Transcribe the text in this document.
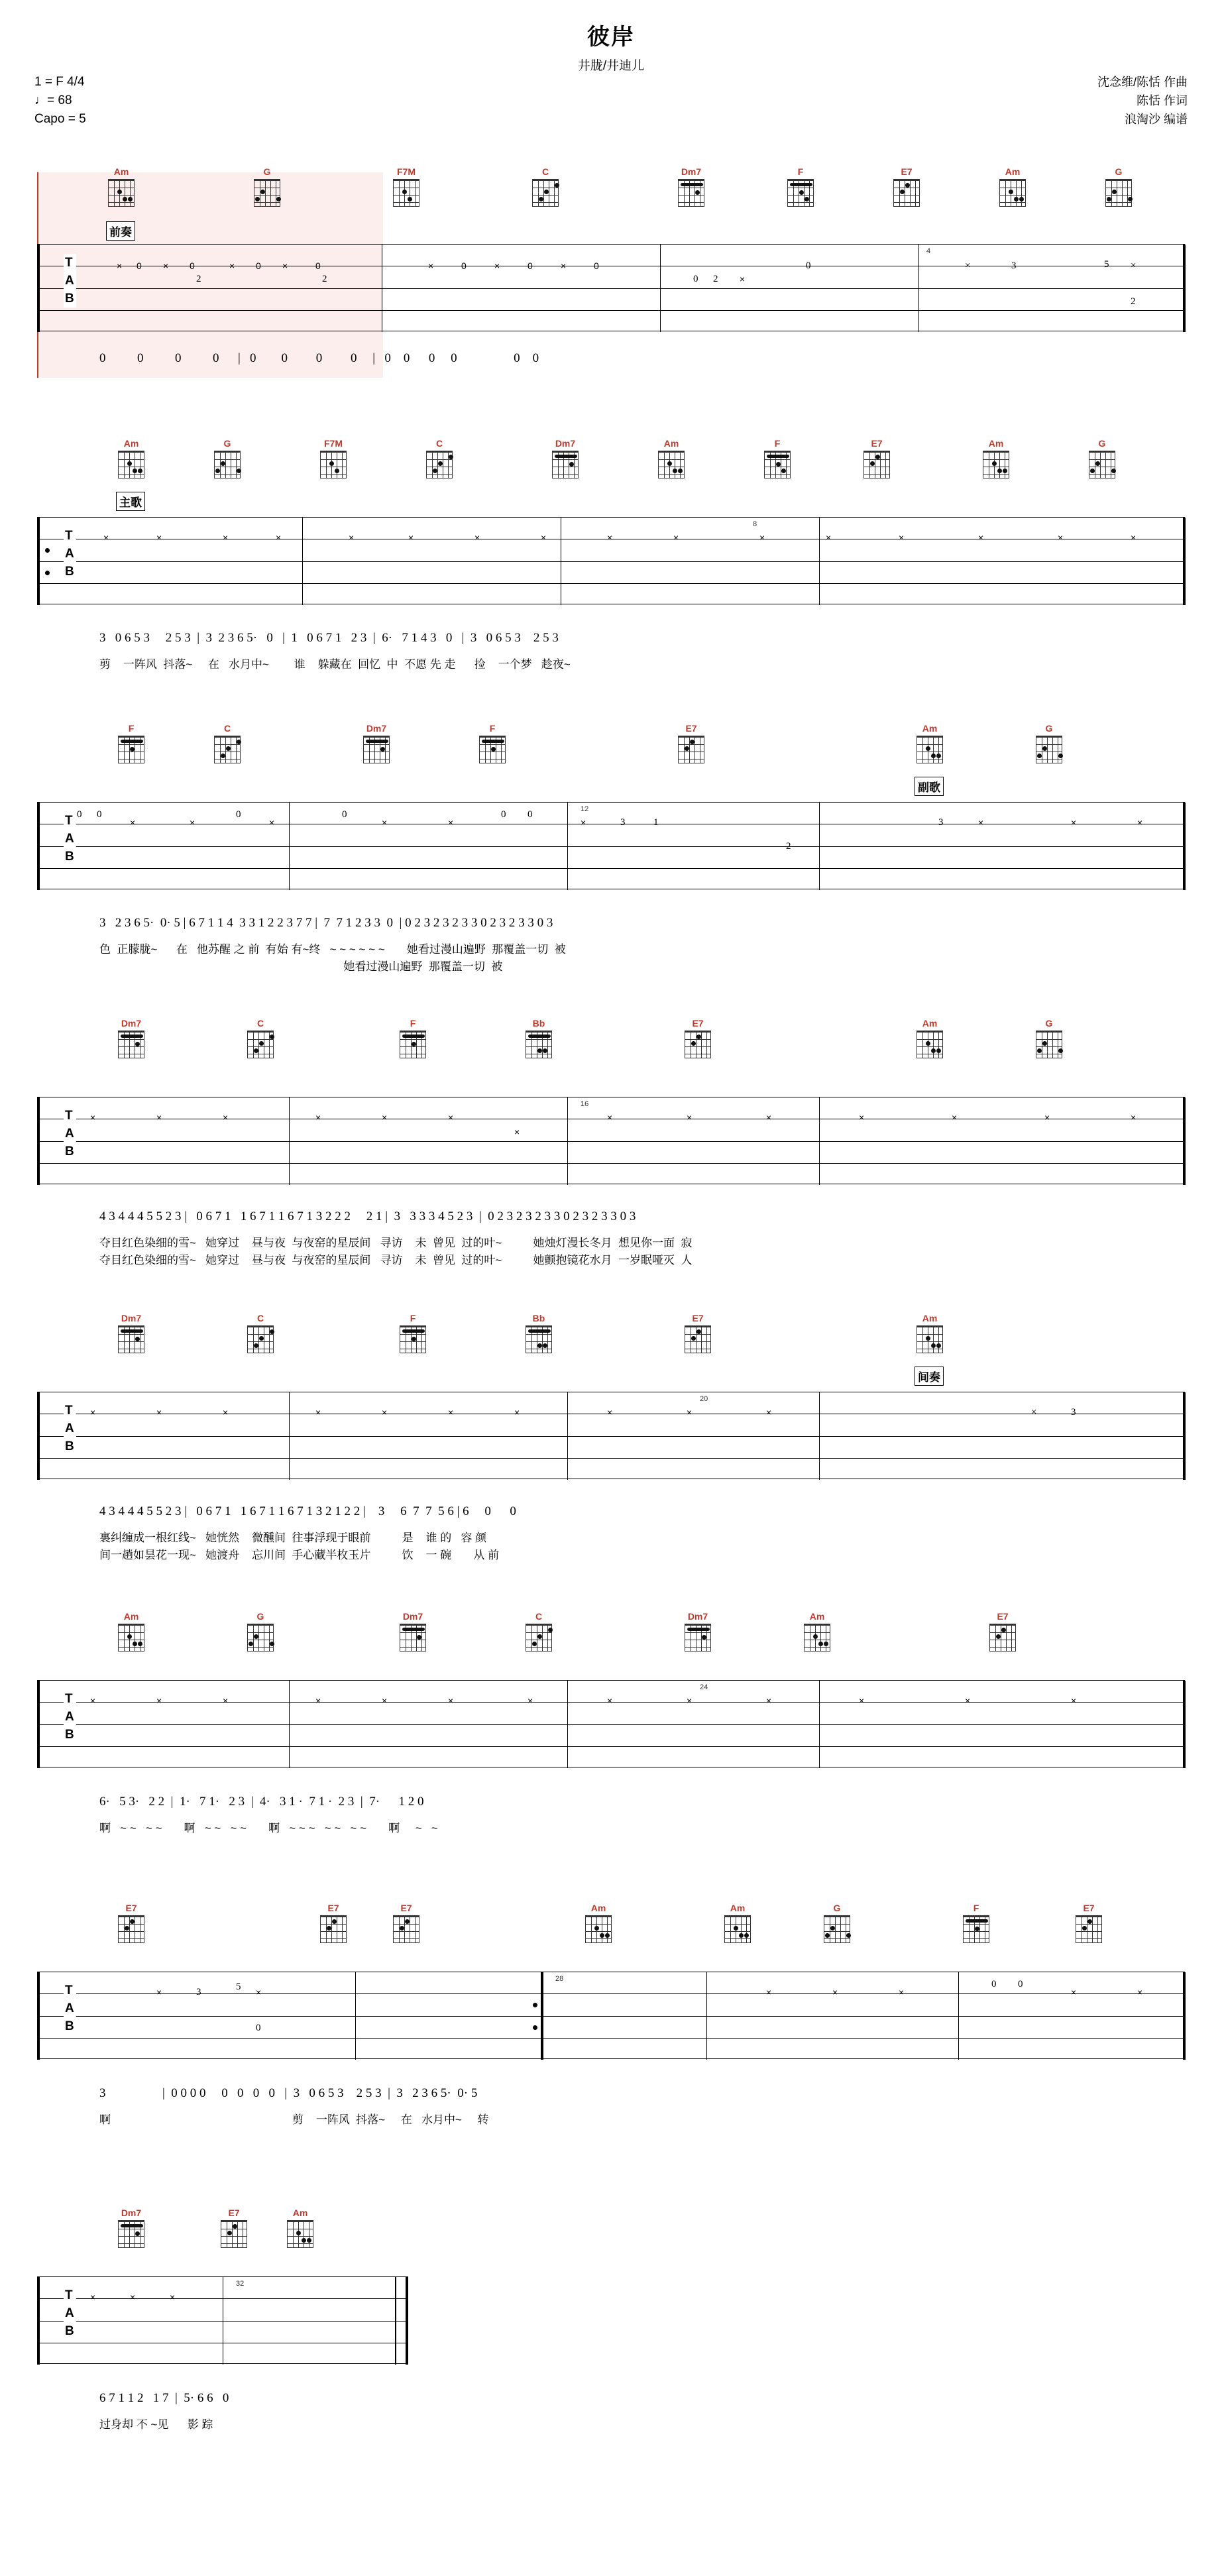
彼岸
井胧/井迪儿
1 = F 4/4
♩= 68
Capo = 5
沈念维/陈恬 作曲
陈恬 作词
浪淘沙 编谱
Am	G	F7M	C	Dm7	F	E7	Am	G
前奏
T
A
B
× 0 × 0	× 0 ×	0
2	2
×	0	×	0	×	0
0 2 ×
0
4
×	3	5 ×
2
0          0          0          0      |   0        0         0         0     |   0    0      0     0                  0    0
Am	G	F7M	C	Dm7	Am	F	E7	Am	G
主歌
T
A
B
8
×	×	×	×	×	×	×	×	×	×	×	×	×	×	×	×
3   0 6 5 3     2 5 3  |  3  2 3 6 5·   0   |  1   0 6 7 1   2 3  |  6·   7 1 4 3   0   |  3   0 6 5 3    2 5 3
剪    一阵风  抖落~     在   水月中~        谁    躲藏在  回忆  中  不愿 先 走      捡    一个梦   趁夜~
F	C	Dm7	F	E7	Am	G
副歌
T
A
B
12
0 0
×	×
0
×
0
×	×
0 0
×	3	1
2
3	×	×	×
3   2 3 6 5·  0· 5 | 6 7 1 1 4  3 3 1 2 2 3 7 7 |  7  7 1 2 3 3  0  | 0 2 3 2 3 2 3 3 0 2 3 2 3 3 0 3
色  正朦胧~      在   他苏醒 之 前  有始 有~终   ~ ~ ~ ~ ~ ~       她看过漫山遍野  那覆盖一切  被
她看过漫山遍野  那覆盖一切  被
Dm7	C	F	Bb	E7	Am	G
T
A
B
16
×	×	×	×	×	×
×
×	×	×	×	×	×	×
4 3 4 4 4 5 5 2 3 |   0 6 7 1   1 6 7 1 1 6 7 1 3 2 2 2     2 1 |  3   3 3 3 4 5 2 3  |  0 2 3 2 3 2 3 3 0 2 3 2 3 3 0 3
夺目红色染细的雪~   她穿过    昼与夜  与夜窑的星辰间   寻访    未  曾见  过的叶~          她烛灯漫长冬月  想见你一面  寂
夺目红色染细的雪~   她穿过    昼与夜  与夜窑的星辰间   寻访    未  曾见  过的叶~          她颤抱镜花水月  一岁眠哑灭  人
Dm7	C	F	Bb	E7	Am
间奏
T
A
B
20
×	×	×	×	×	×	×	×	×	×	×	3
4 3 4 4 4 5 5 2 3 |   0 6 7 1   1 6 7 1 1 6 7 1 3 2 1 2 2 |    3     6  7  7  5 6 | 6     0      0
裏纠缠成一根红线~   她恍然    微醺间  往事浮现于眼前          是    谁 的   容 颜
间一趟如昙花一现~   她渡舟    忘川间  手心藏半枚玉片          饮    一 碗       从 前
Am	G	Dm7	C	Dm7	Am	E7
T
A
B
24
×	×	×	×	×	×	×	×	×	×	×	×	×
6·   5 3·   2 2  |  1·   7 1·   2 3  |  4·   3 1 ·  7 1 ·  2 3  |  7·      1 2 0
啊   ~ ~   ~ ~       啊   ~ ~   ~ ~       啊   ~ ~ ~   ~ ~   ~ ~       啊     ~   ~
E7	E7	E7	Am	Am	G	F	E7
T
A
B
28
×	3	5 ×
0
×	×	×
0 0
×	×
3                  |  0 0 0 0     0   0   0   0   |  3   0 6 5 3    2 5 3  |  3   2 3 6 5·  0· 5
啊                                                          剪    一阵风  抖落~     在   水月中~     转
Dm7	E7	Am
T
A
B
32
×	×	×
6 7 1 1 2   1 7  |  5· 6 6   0
过身却 不 ~见      影 踪
